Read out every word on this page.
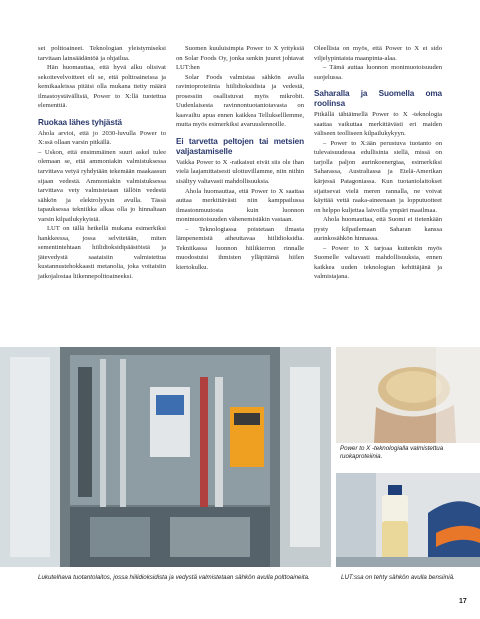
set polttoaineet. Teknologian yleistymiseksi tarvitaan lainsäädäntöä ja ohjailua.

Hän huomauttaa, että hyvä alku olisivat sekoitevelvoitteet eli se, että polttoaineissa ja kemikaaleissa pitäisi olla mukana tietty määrä ilmastoystävällisiä, Power to X:llä tuotettua elementtiä.

Ruokaa lähes tyhjästä

Ahola arvioi, että jo 2030-luvulla Power to X:ssä ollaan varsin pitkällä.

– Uskon, että ensimmäinen suuri askel tulee olemaan se, että ammoniakin valmistuksessa tarvittava vetyä ryhdytään tekemään maakaasun sijaan vedestä. Ammoniakin valmistuksessa tarvittava vety valmistetaan tällöin vedestä sähkön ja elektrolyysin avulla. Tässä tapauksessa tekniikka alkaa olla jo hinnaltaan varsin kilpailukykyistä.

LUT on tällä hetkellä mukana esimerkiksi hankkeessa, jossa selvitetään, miten sementintehtaan hiilidioksidipäästöistä ja jätevedystä saataisiin valmistettua kustannustehokkaasti metanolia, joka voitaisiin jatkojalostaa liikennepolttoaineeksi.

Suomen kuuluisimpia Power to X yrityksiä on Solar Foods Oy, jonka senkin juuret johtavat LUT:hen

Solar Foods valmistaa sähkön avulla ravintoproteiinia hiilidioksidista ja vedestä, prosessiin osallistuvat myös mikrobit. Uudenlaisesta ravinnontuotantotavasta on kaavailtu apua ennen kaikkea Tellukselllemme, mutta myös esimerkiksi avaruuslennoille.

Ei tarvetta peltojen tai metsien valjastamiselle

Vaikka Power to X -ratkaisut eivät siis ole ihan vielä laajamittaisesti ulottuvillamme, niin niihin sisältyy valtavasti mahdollisuuksia.

Ahola huomauttaa, että Power to X saattaa auttaa merkittävästi niin kamppailussa ilmastonmuutosta kuin luonnon monimuotoisuuden vähenemistäkin vastaan.

– Teknologiassa poistetaan ilmasta lämpenemistä aiheuttavaa hiilidioksidia. Tekniikassa luonnon hiilikierron rinnalle muodostuisi ihmisten ylläpitämä hiilen kiertokulku.

Oleellista on myös, että Power to X ei sido viljelypintaista maanpinta-alaa.

– Tämä auttaa luonnon monimuotoisuuden suojelussa.

Saharalla ja Suomella oma roolinsa

Pitkällä tähtäimellä Power to X -teknologia saattaa vaikuttaa merkittävästi eri maiden väliseen teolliseen kilpailukykyyn.

– Power to X:ään perustuva tuotanto on tulevaisuudessa edullisinta siellä, missä on tarjolla paljon aurinkoenergiaa, esimerkiksi Saharassa, Australiassa ja Etelä-Amerikan kärjessä Patagoniassa. Kun tuotantolaitokset sijaitsevat vielä meren rannalla, ne voivat käyttää vettä raaka-aineenaan ja lopputuotteet on helppo kuljettaa laivoilla ympäri maailmaa.

Ahola huomauttaa, että Suomi ei tietenkään pysty kilpailemaan Saharan kanssa aurinkosähkön hinnassa.

– Power to X tarjoaa kuitenkin myös Suomelle valtavasti mahdollisuuksia, ennen kaikkea uuden teknologian kehittäjänä ja valmistajana.

Power to X -teknologialla valmistettua ruokaproteiinia.
Lukutelhava tuotantolaitos, jossa hiilidioksidista ja vedystä valmistetaan sähkön avulla polttoaineita.	LUT:ssa on tehty sähkön avulla bensiiniä.
17
